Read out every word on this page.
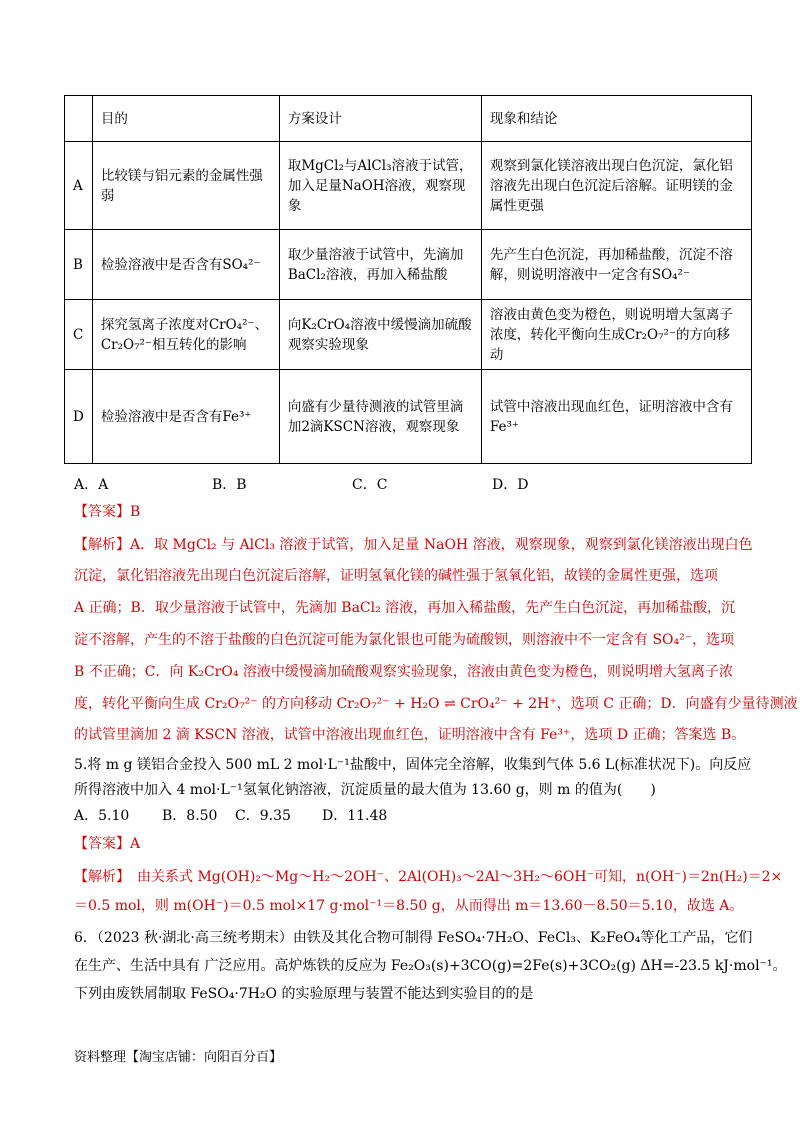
	目的	方案设计	现象和结论
A	比较镁与铝元素的金属性强弱	取MgCl₂与AlCl₃溶液于试管，加入足量NaOH溶液，观察现象	观察到氯化镁溶液出现白色沉淀，氯化铝溶液先出现白色沉淀后溶解。证明镁的金属性更强
B	检验溶液中是否含有SO₄²⁻	取少量溶液于试管中，先滴加BaCl₂溶液，再加入稀盐酸	先产生白色沉淀，再加稀盐酸，沉淀不溶解，则说明溶液中一定含有SO₄²⁻
C	探究氢离子浓度对CrO₄²⁻、Cr₂O₇²⁻相互转化的影响	向K₂CrO₄溶液中缓慢滴加硫酸观察实验现象	溶液由黄色变为橙色，则说明增大氢离子浓度，转化平衡向生成Cr₂O₇²⁻的方向移动
D	检验溶液中是否含有Fe³⁺	向盛有少量待测液的试管里滴加2滴KSCN溶液，观察现象	试管中溶液出现血红色，证明溶液中含有Fe³⁺
A．A	B．B	C．C	D．D
【答案】B
【解析】A．取 MgCl₂ 与 AlCl₃ 溶液于试管，加入足量 NaOH 溶液，观察现象，观察到氯化镁溶液出现白色
沉淀，氯化铝溶液先出现白色沉淀后溶解，证明氢氧化镁的碱性强于氢氧化铝，故镁的金属性更强，选项
A 正确；B．取少量溶液于试管中，先滴加 BaCl₂ 溶液，再加入稀盐酸，先产生白色沉淀，再加稀盐酸，沉
淀不溶解，产生的不溶于盐酸的白色沉淀可能为氯化银也可能为硫酸钡，则溶液中不一定含有 SO₄²⁻，选项
B 不正确；C．向 K₂CrO₄ 溶液中缓慢滴加硫酸观察实验现象，溶液由黄色变为橙色，则说明增大氢离子浓
度，转化平衡向生成 Cr₂O₇²⁻ 的方向移动 Cr₂O₇²⁻ + H₂O ⇌ CrO₄²⁻ + 2H⁺，选项 C 正确；D．向盛有少量待测液
的试管里滴加 2 滴 KSCN 溶液，试管中溶液出现血红色，证明溶液中含有 Fe³⁺，选项 D 正确；答案选 B。
5.将 m g 镁铝合金投入 500 mL 2 mol·L⁻¹盐酸中，固体完全溶解，收集到气体 5.6 L(标准状况下)。向反应
所得溶液中加入 4 mol·L⁻¹氢氧化钠溶液，沉淀质量的最大值为 13.60 g，则 m 的值为(　　)
A．5.10 B．8.50 C．9.35 D．11.48
【答案】A
【解析】　由关系式 Mg(OH)₂～Mg～H₂～2OH⁻、2Al(OH)₃～2Al～3H₂～6OH⁻可知，n(OH⁻)＝2n(H₂)＝2×
＝0.5 mol，则 m(OH⁻)＝0.5 mol×17 g·mol⁻¹＝8.50 g，从而得出 m＝13.60－8.50＝5.10，故选 A。
6．（2023 秋·湖北·高三统考期末）由铁及其化合物可制得 FeSO₄·7H₂O、FeCl₃、K₂FeO₄等化工产品，它们
在生产、生活中具有 广泛应用。高炉炼铁的反应为 Fe₂O₃(s)+3CO(g)=2Fe(s)+3CO₂(g) ΔH=-23.5 kJ·mol⁻¹。
下列由废铁屑制取 FeSO₄·7H₂O 的实验原理与装置不能达到实验目的的是
资料整理【淘宝店铺：向阳百分百】
